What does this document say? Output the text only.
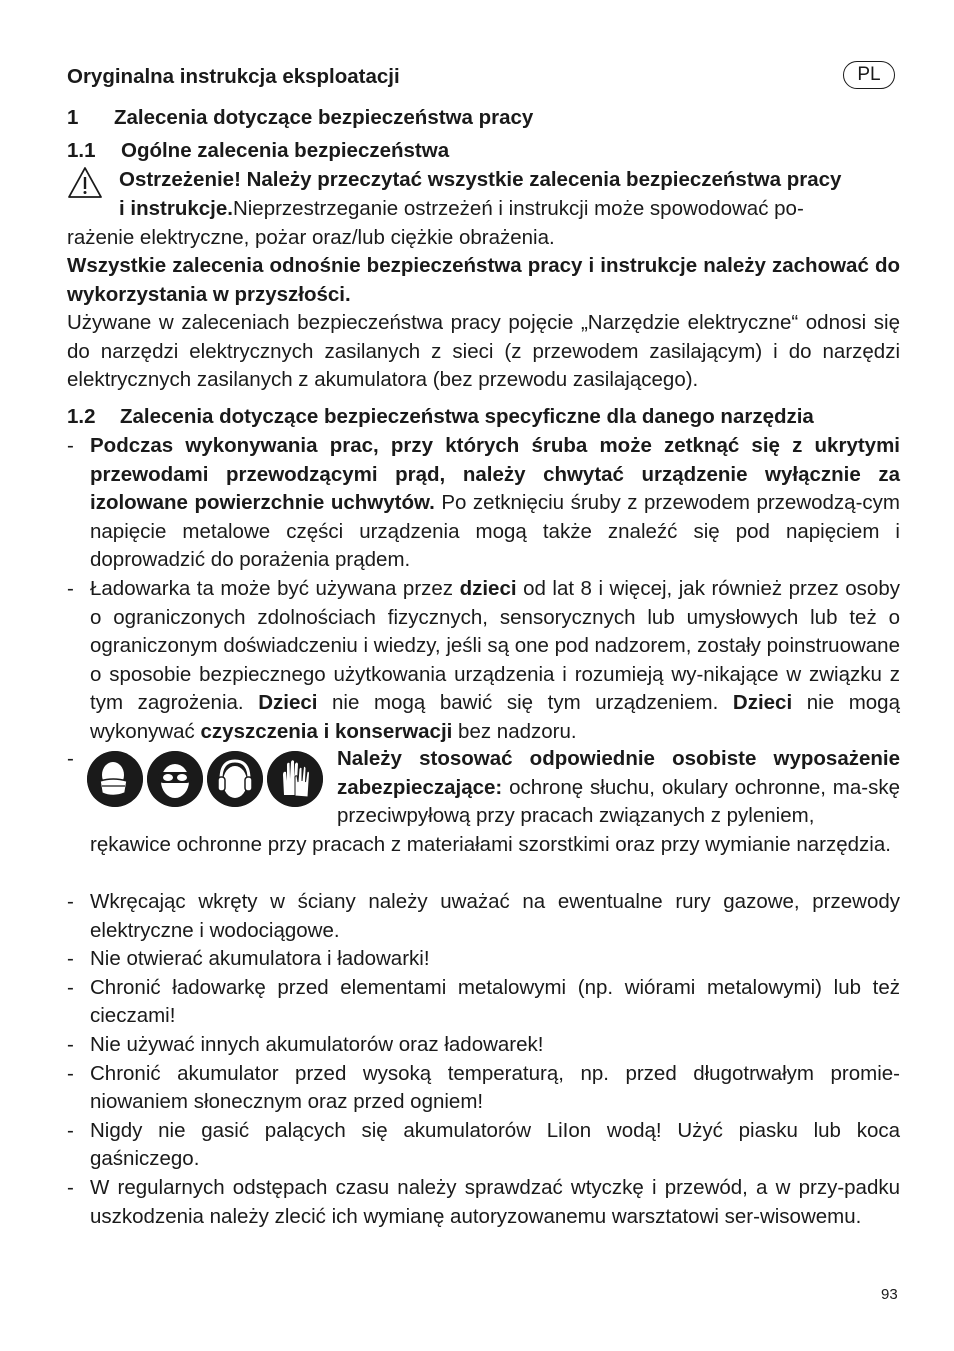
Oryginalna instrukcja eksploatacji	PL
1 Zalecenia dotyczące bezpieczeństwa pracy
1.1 Ogólne zalecenia bezpieczeństwa
Ostrzeżenie! Należy przeczytać wszystkie zalecenia bezpieczeństwa pracy
i instrukcje.Nieprzestrzeganie ostrzeżeń i instrukcji może spowodować po-
rażenie elektryczne, pożar oraz/lub ciężkie obrażenia.
Wszystkie zalecenia odnośnie bezpieczeństwa pracy i instrukcje należy zachować do wykorzystania w przyszłości.
Używane w zaleceniach bezpieczeństwa pracy pojęcie „Narzędzie elektryczne“ odnosi się do narzędzi elektrycznych zasilanych z sieci (z przewodem zasilającym) i do narzędzi elektrycznych zasilanych z akumulatora (bez przewodu zasilającego).
1.2 Zalecenia dotyczące bezpieczeństwa specyficzne dla danego narzędzia
- Podczas wykonywania prac, przy których śruba może zetknąć się z ukrytymi przewodami przewodzącymi prąd, należy chwytać urządzenie wyłącznie za izolowane powierzchnie uchwytów. Po zetknięciu śruby z przewodem przewodzą-cym napięcie metalowe części urządzenia mogą także znaleźć się pod napięciem i doprowadzić do porażenia prądem.
- Ładowarka ta może być używana przez dzieci od lat 8 i więcej, jak również przez osoby o ograniczonych zdolnościach fizycznych, sensorycznych lub umysłowych lub też o ograniczonym doświadczeniu i wiedzy, jeśli są one pod nadzorem, zostały poinstruowane o sposobie bezpiecznego użytkowania urządzenia i rozumieją wy-nikające w związku z tym zagrożenia. Dzieci nie mogą bawić się tym urządzeniem. Dzieci nie mogą wykonywać czyszczenia i konserwacji bez nadzoru.
-	Należy stosować odpowiednie osobiste wyposażenie zabezpieczające: ochronę słuchu, okulary ochronne, ma-skę przeciwpyłową przy pracach związanych z pyleniem,
rękawice ochronne przy pracach z materiałami szorstkimi oraz przy wymianie narzędzia.
- Wkręcając wkręty w ściany należy uważać na ewentualne rury gazowe, przewody elektryczne i wodociągowe.
- Nie otwierać akumulatora i ładowarki!
- Chronić ładowarkę przed elementami metalowymi (np. wiórami metalowymi) lub też cieczami!
- Nie używać innych akumulatorów oraz ładowarek!
- Chronić akumulator przed wysoką temperaturą, np. przed długotrwałym promie-niowaniem słonecznym oraz przed ogniem!
- Nigdy nie gasić palących się akumulatorów LiIon wodą! Użyć piasku lub koca gaśniczego.
- W regularnych odstępach czasu należy sprawdzać wtyczkę i przewód, a w przy-padku uszkodzenia należy zlecić ich wymianę autoryzowanemu warsztatowi ser-wisowemu.
93
